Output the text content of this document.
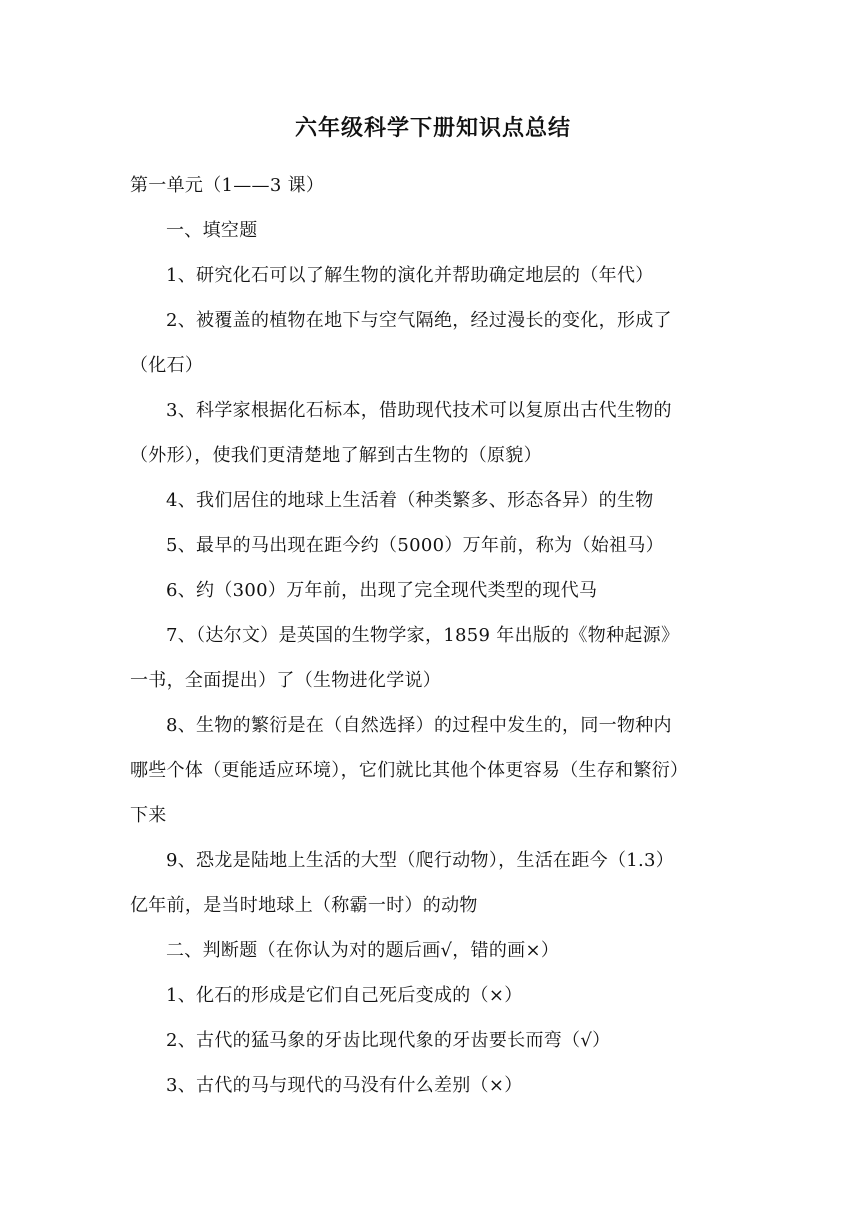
六年级科学下册知识点总结

第一单元（1——3 课）

一、填空题

1、研究化石可以了解生物的演化并帮助确定地层的（年代）

2、被覆盖的植物在地下与空气隔绝，经过漫长的变化，形成了

（化石）

3、科学家根据化石标本，借助现代技术可以复原出古代生物的

（外形），使我们更清楚地了解到古生物的（原貌）

4、我们居住的地球上生活着（种类繁多、形态各异）的生物

5、最早的马出现在距今约（5000）万年前，称为（始祖马）

6、约（300）万年前，出现了完全现代类型的现代马

7、（达尔文）是英国的生物学家，1859 年出版的《物种起源》

一书，全面提出）了（生物进化学说）

8、生物的繁衍是在（自然选择）的过程中发生的，同一物种内

哪些个体（更能适应环境），它们就比其他个体更容易（生存和繁衍）

下来

9、恐龙是陆地上生活的大型（爬行动物），生活在距今（1.3）

亿年前，是当时地球上（称霸一时）的动物

二、判断题（在你认为对的题后画√，错的画×）

1、化石的形成是它们自己死后变成的（×）

2、古代的猛马象的牙齿比现代象的牙齿要长而弯（√）

3、古代的马与现代的马没有什么差别（×）
